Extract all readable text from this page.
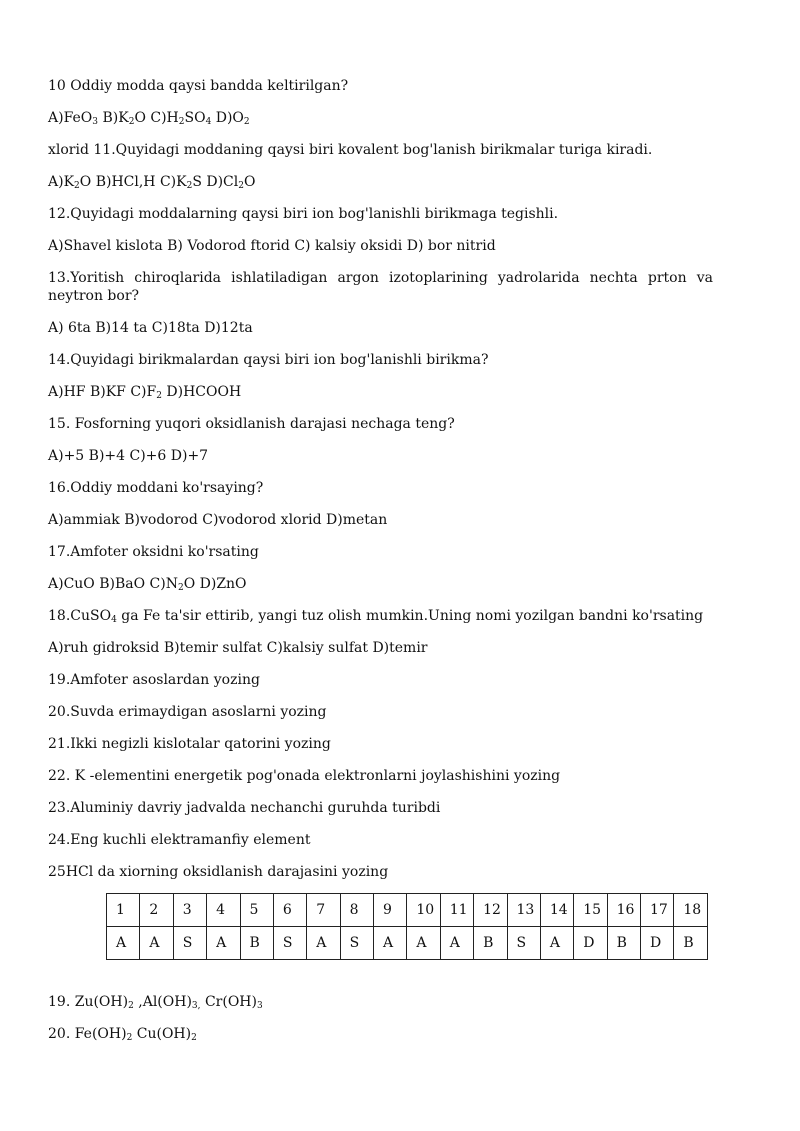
10 Oddiy modda qaysi bandda keltirilgan?
A)FeO$_3$ $B)K_2O$ $C)H_2SO_4$ $D)O_2$
xlorid 11.Quyidagi moddaning qaysi biri kovalent bog'lanish birikmalar turiga kiradi.
$A)K_2O$ B)HCl,H $C)K_2S$ $D)Cl_2O$
12.Quyidagi moddalarning qaysi biri ion bog'lanishli birikmaga tegishli.
A)Shavel kislota B) Vodorod ftorid C) kalsiy oksidi D) bor nitrid
13.Yoritish chiroqlarida ishlatiladigan argon izotoplarining yadrolarida nechta prton va neytron bor?
A) 6ta B)14 ta C)18ta D)12ta
14.Quyidagi birikmalardan qaysi biri ion bog'lanishli birikma?
A)HF B)KF $C)F_2$ D)HCOOH
15. Fosforning yuqori oksidlanish darajasi nechaga teng?
A)+5 B)+4 C)+6 D)+7
16.Oddiy moddani ko'rsaying?
A)ammiak B)vodorod C)vodorod xlorid D)metan
17.Amfoter oksidni ko'rsating
A)CuO B)BaO $C)N_2O$ D)ZnO
18.CuSO$_4$ ga Fe ta'sir ettirib, yangi tuz olish mumkin.Uning nomi yozilgan bandni ko'rsating
A)ruh gidroksid B)temir sulfat C)kalsiy sulfat D)temir
19.Amfoter asoslardan yozing
20.Suvda erimaydigan asoslarni yozing
21.Ikki negizli kislotalar qatorini yozing
22. K -elementini energetik pog'onada elektronlarni joylashishini yozing
23.Aluminiy davriy jadvalda nechanchi guruhda turibdi
24.Eng kuchli elektramanfiy element
25HCl da xiorning oksidlanish darajasini yozing
19. $Zu(OH)_2$ $,Al(OH)_{3,}$ $Cr(OH)_3$
20. $Fe(OH)_2$ $Cu(OH)_2$
1	2	3	4	5	6	7	8	9	10	11	12	13	14	15	16	17	18
A	A	S	A	B	S	A	S	A	A	A	B	S	A	D	B	D	B
